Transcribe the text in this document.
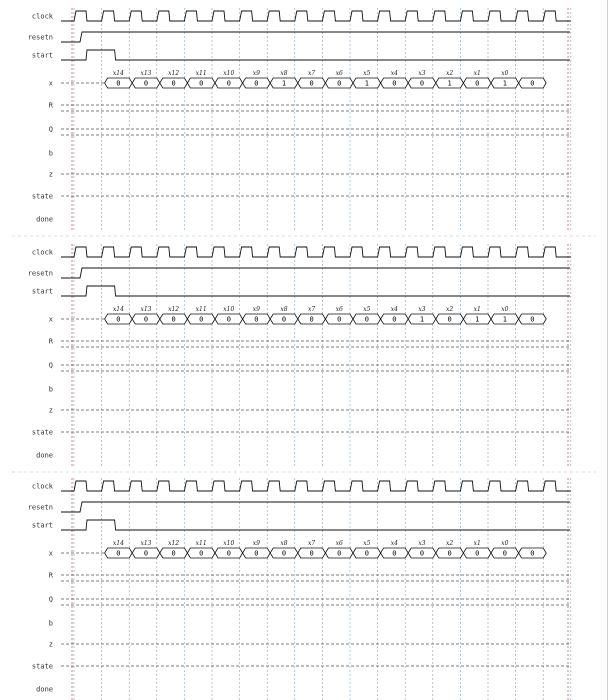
clock
resetn
start
x
R
Q
b
z
state
done
0
x14
0
x13
0
x12
0
x11
0
x10
0
x9
1
x8
0
x7
0
x6
1
x5
0
x4
0
x3
1
x2
0
x1
1
x0
0
clock
resetn
start
x
R
Q
b
z
state
done
0
x14
0
x13
0
x12
0
x11
0
x10
0
x9
0
x8
0
x7
0
x6
0
x5
0
x4
1
x3
0
x2
1
x1
1
x0
0
clock
resetn
start
x
R
Q
b
z
state
done
0
x14
0
x13
0
x12
0
x11
0
x10
0
x9
0
x8
0
x7
0
x6
0
x5
0
x4
0
x3
0
x2
0
x1
0
x0
0
